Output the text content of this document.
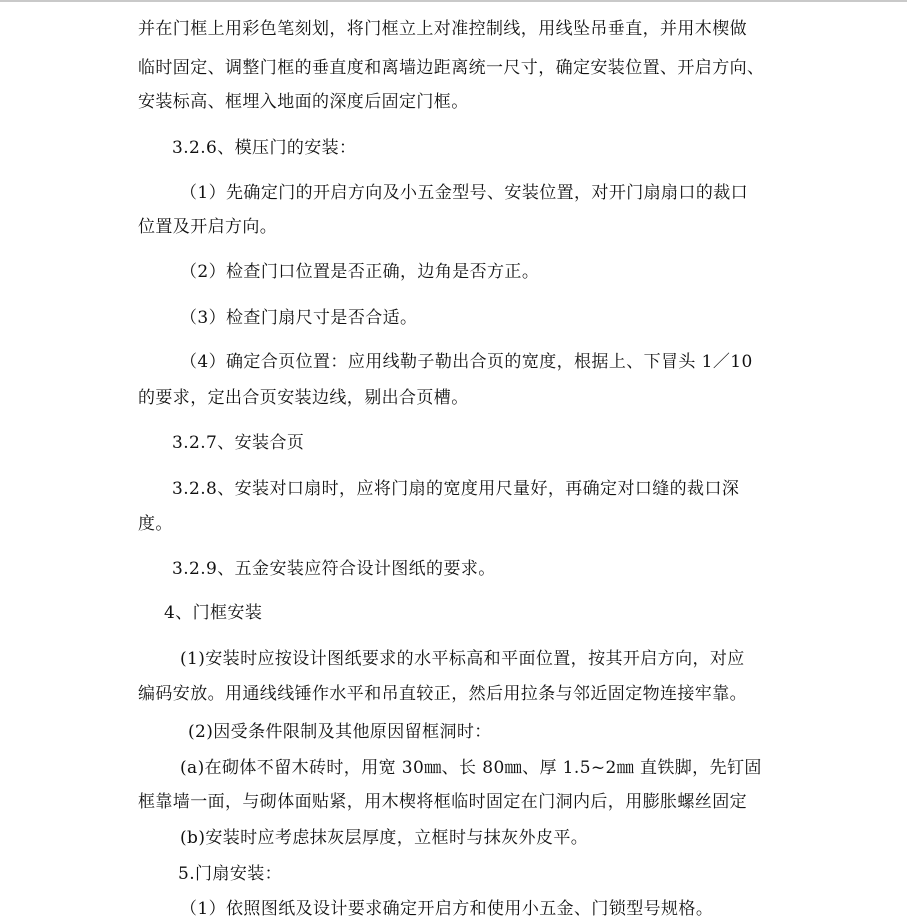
并在门框上用彩色笔刻划，将门框立上对准控制线，用线坠吊垂直，并用木楔做
临时固定、调整门框的垂直度和离墙边距离统一尺寸，确定安装位置、开启方向、
安装标高、框埋入地面的深度后固定门框。
3.2.6、模压门的安装：
（1）先确定门的开启方向及小五金型号、安装位置，对开门扇扇口的裁口
位置及开启方向。
（2）检查门口位置是否正确，边角是否方正。
（3）检查门扇尺寸是否合适。
（4）确定合页位置：应用线勒子勒出合页的宽度，根据上、下冒头 1／10
的要求，定出合页安装边线，剔出合页槽。
3.2.7、安装合页
3.2.8、安装对口扇时，应将门扇的宽度用尺量好，再确定对口缝的裁口深
度。
3.2.9、五金安装应符合设计图纸的要求。
4、门框安装
(1)安装时应按设计图纸要求的水平标高和平面位置，按其开启方向，对应
编码安放。用通线线锤作水平和吊直较正，然后用拉条与邻近固定物连接牢靠。
(2)因受条件限制及其他原因留框洞时：
(a)在砌体不留木砖时，用宽 30㎜、长 80㎜、厚 1.5~2㎜ 直铁脚，先钉固
框靠墙一面，与砌体面贴紧，用木楔将框临时固定在门洞内后，用膨胀螺丝固定
(b)安装时应考虑抹灰层厚度，立框时与抹灰外皮平。
5.门扇安装：
（1）依照图纸及设计要求确定开启方和使用小五金、门锁型号规格。
